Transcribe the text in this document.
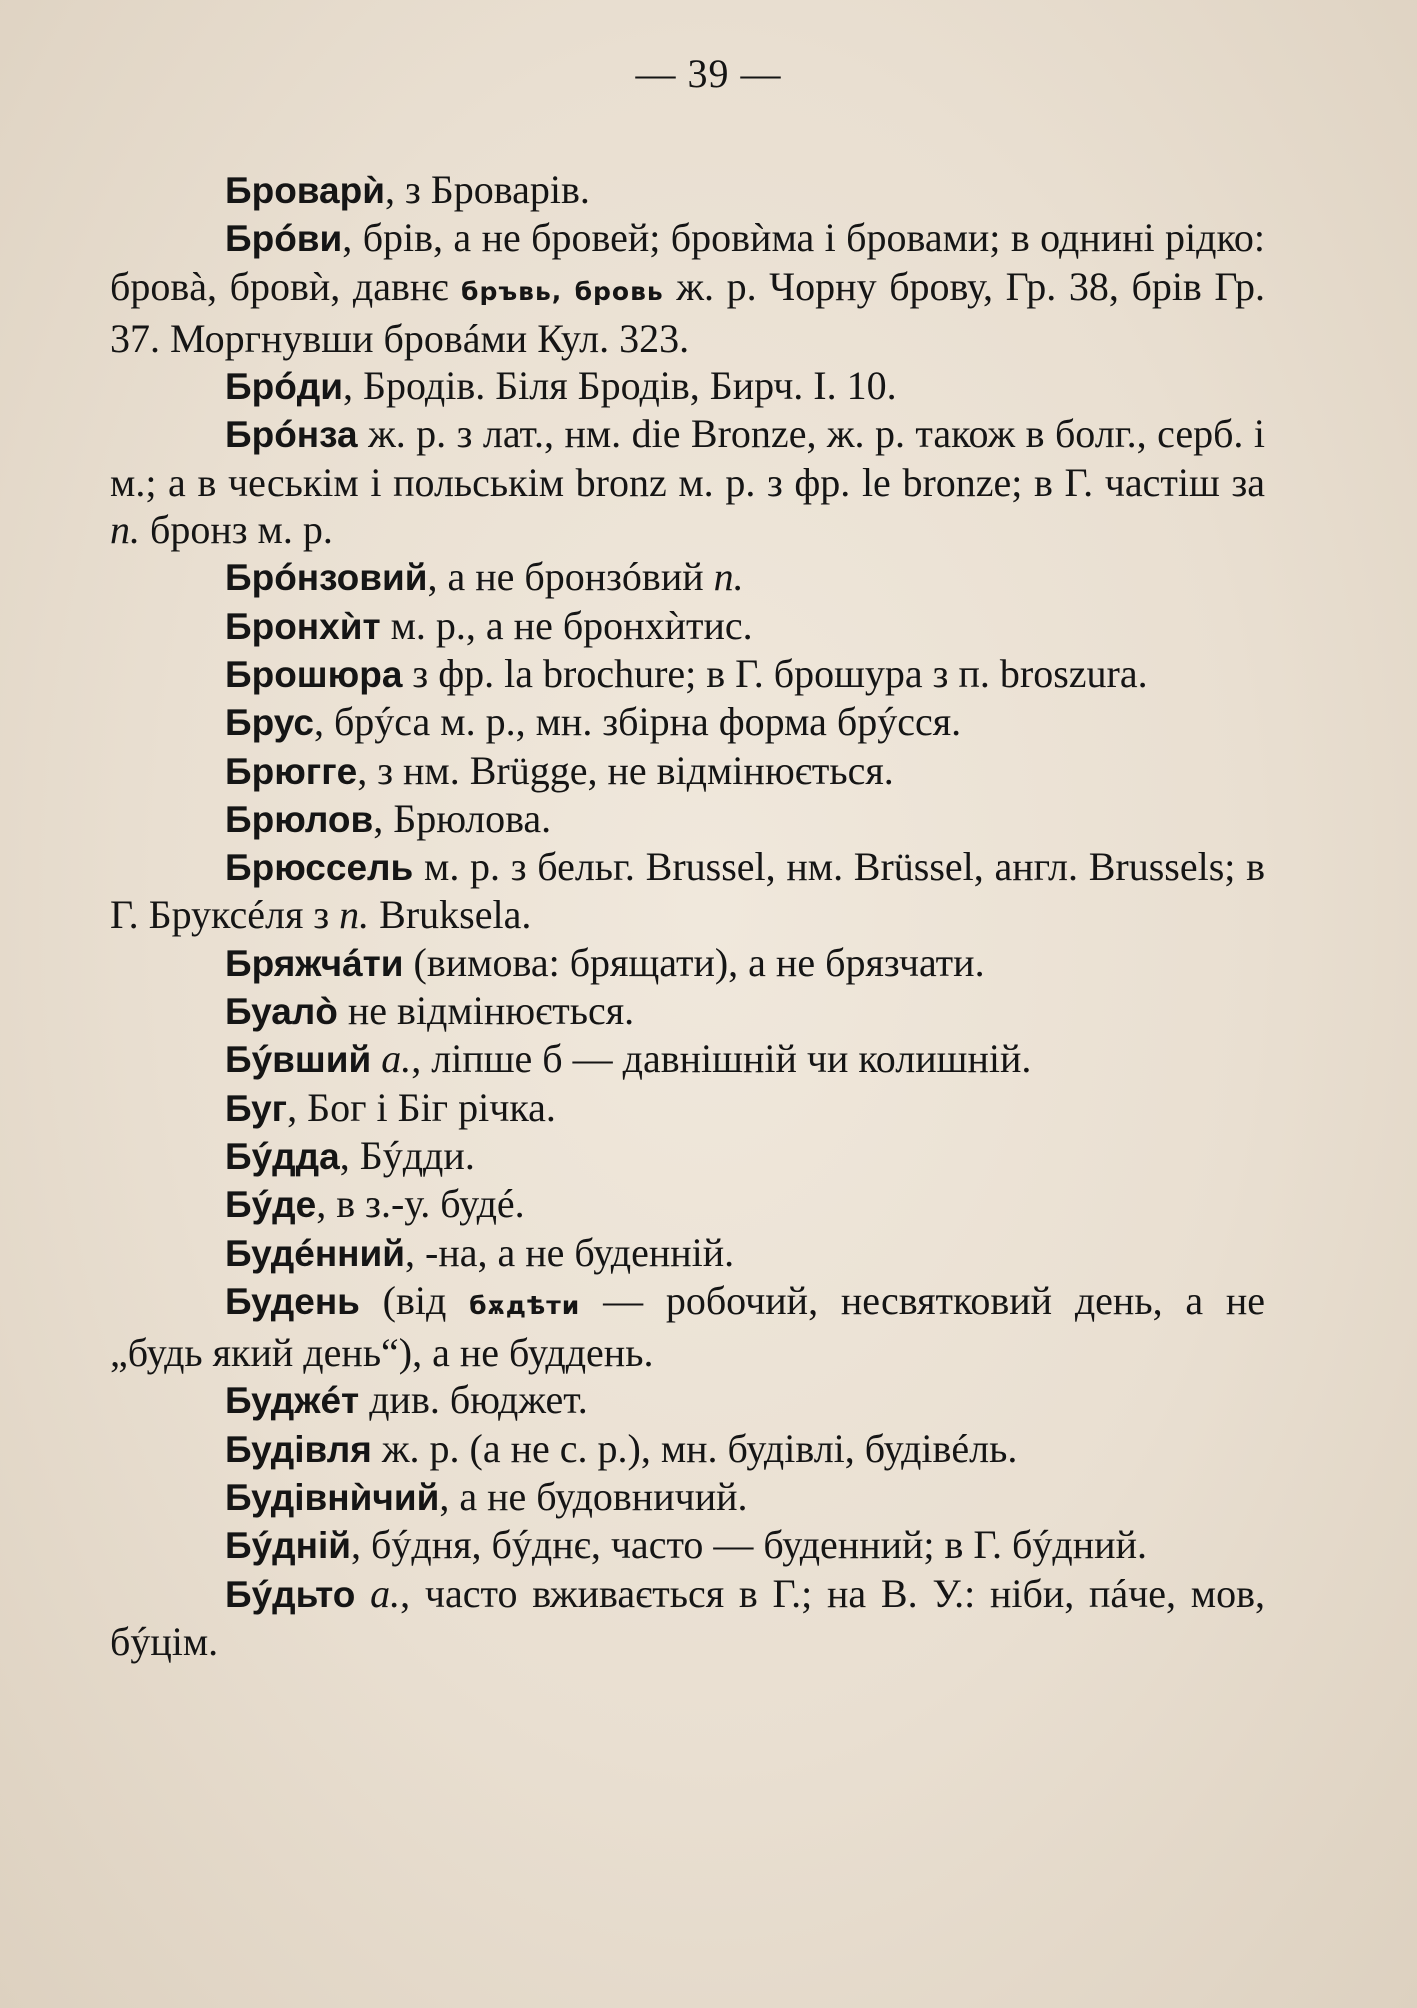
— 39 —

Броварѝ, з Броварів.

Брóви, брів, а не бровей; бровѝма і бровами; в однині рідко: бровà, бровѝ, давнє бръвь, бровь ж. р. Чорну брову, Гр. 38, брів Гр. 37. Моргнувши бровáми Кул. 323.

Брóди, Бродів. Біля Бродів, Бирч. І. 10.

Брóнза ж. р. з лат., нм. die Bronze, ж. р. також в болг., серб. і м.; а в чеськім і польськім bronz м. р. з фр. le bronze; в Г. частіш за п. бронз м. р.

Брóнзовий, а не бронзóвий п.

Бронхѝт м. р., а не бронхѝтис.

Брошюра з фр. la brochure; в Г. брошура з п. broszura.

Брус, брýса м. р., мн. збірна форма брýсся.

Брюгге, з нм. Brügge, не відмінюється.

Брюлов, Брюлова.

Брюссель м. р. з бельг. Brussel, нм. Brüssel, англ. Brussels; в Г. Бруксéля з п. Bruksela.

Бряжчáти (вимова: брящати), а не брязчати.

Буалò не відмінюється.

Бýвший а., ліпше б — давнішній чи колишній.

Буг, Бог і Біг річка.

Бýдда, Бýдди.

Бýде, в з.-у. будé.

Будéнний, -на, а не буденній.

Будень (від бѫдѣти — робочий, несвятковий день, а не „будь який день“), а не буддень.

Буджéт див. бюджет.

Будівля ж. р. (а не с. р.), мн. будівлі, будівéль.

Будівнѝчий, а не будовничий.

Бýдній, бýдня, бýднє, часто — буденний; в Г. бýдний.

Бýдьто а., часто вживається в Г.; на В. У.: ніби, пáче, мов, бýцім.
